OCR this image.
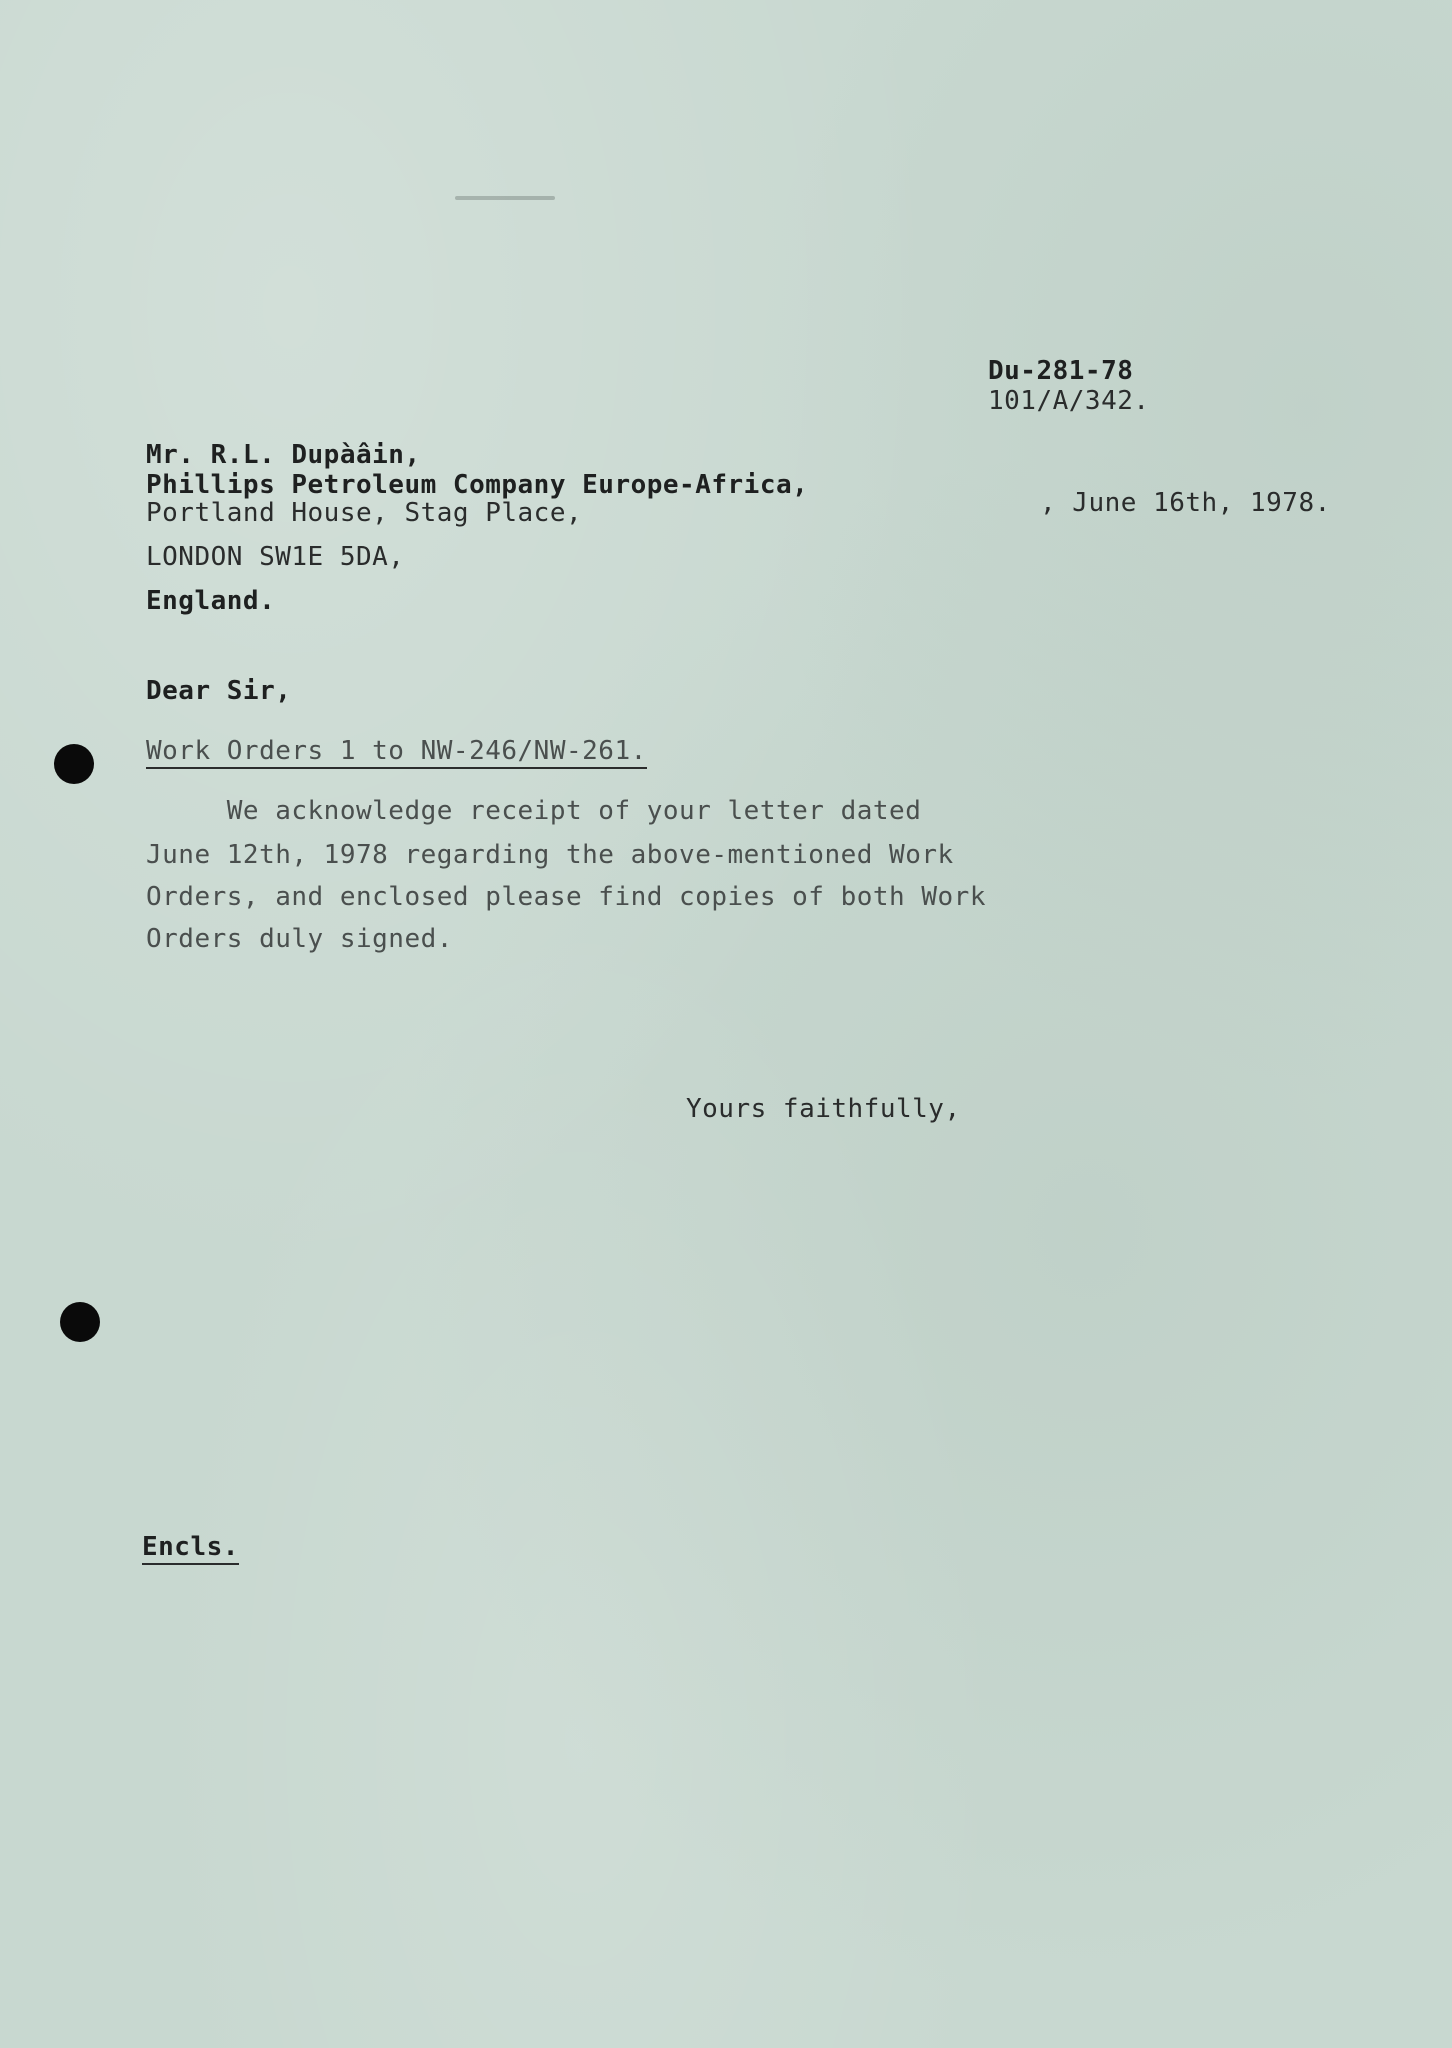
Du-281-78
101/A/342.
Mr. R.L. Dupàâin,
Phillips Petroleum Company Europe-Africa,
Portland House, Stag Place,
LONDON SW1E 5DA,
England.
, June 16th, 1978.
Dear Sir,
Work Orders 1 to NW-246/NW-261.
We acknowledge receipt of your letter dated
June 12th, 1978 regarding the above-mentioned Work
Orders, and enclosed please find copies of both Work
Orders duly signed.
Yours faithfully,
Encls.
